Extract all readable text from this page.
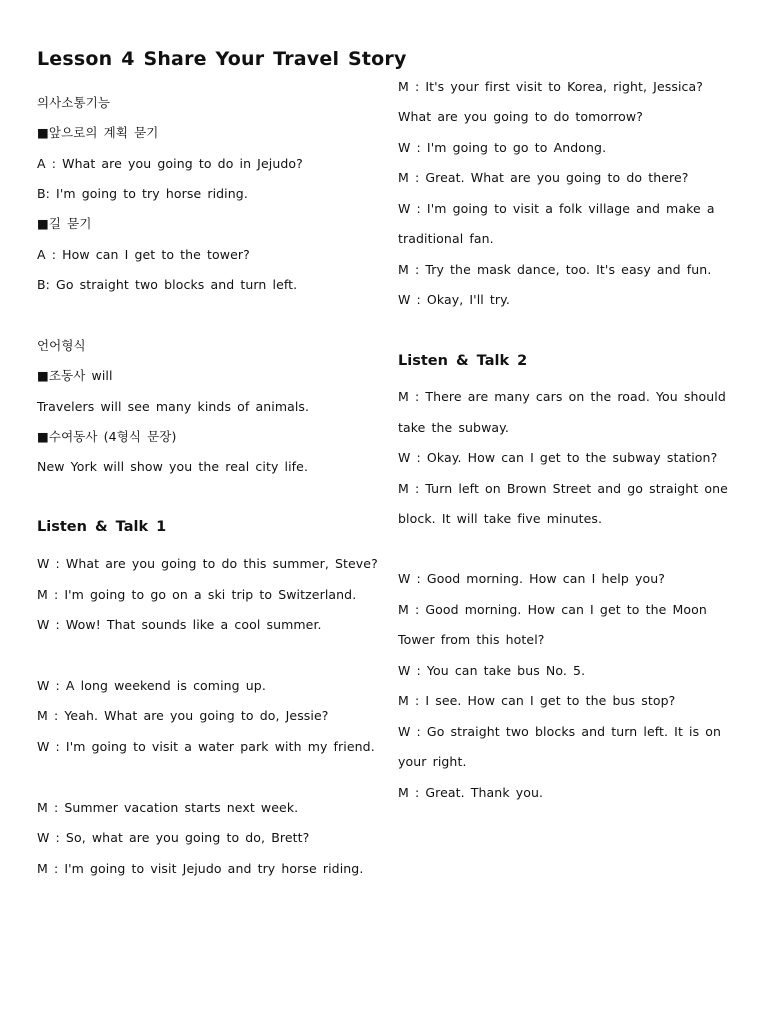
Lesson 4 Share Your Travel Story
의사소통기능
■앞으로의 계획 묻기
A : What are you going to do in Jejudo?
B: I'm going to try horse riding.
■길 묻기
A : How can I get to the tower?
B: Go straight two blocks and turn left.
언어형식
■조동사 will
Travelers will see many kinds of animals.
■수여동사 (4형식 문장)
New York will show you the real city life.
Listen & Talk 1
W : What are you going to do this summer, Steve?
M : I'm going to go on a ski trip to Switzerland.
W : Wow! That sounds like a cool summer.
W : A long weekend is coming up.
M : Yeah. What are you going to do, Jessie?
W : I'm going to visit a water park with my friend.
M : Summer vacation starts next week.
W : So, what are you going to do, Brett?
M : I'm going to visit Jejudo and try horse riding.
M : It's your first visit to Korea, right, Jessica?
What are you going to do tomorrow?
W : I'm going to go to Andong.
M : Great. What are you going to do there?
W : I'm going to visit a folk village and make a
traditional fan.
M : Try the mask dance, too. It's easy and fun.
W : Okay, I'll try.
Listen & Talk 2
M : There are many cars on the road. You should
take the subway.
W : Okay. How can I get to the subway station?
M : Turn left on Brown Street and go straight one
block. It will take five minutes.
W : Good morning. How can I help you?
M : Good morning. How can I get to the Moon
Tower from this hotel?
W : You can take bus No. 5.
M : I see. How can I get to the bus stop?
W : Go straight two blocks and turn left. It is on
your right.
M : Great. Thank you.
